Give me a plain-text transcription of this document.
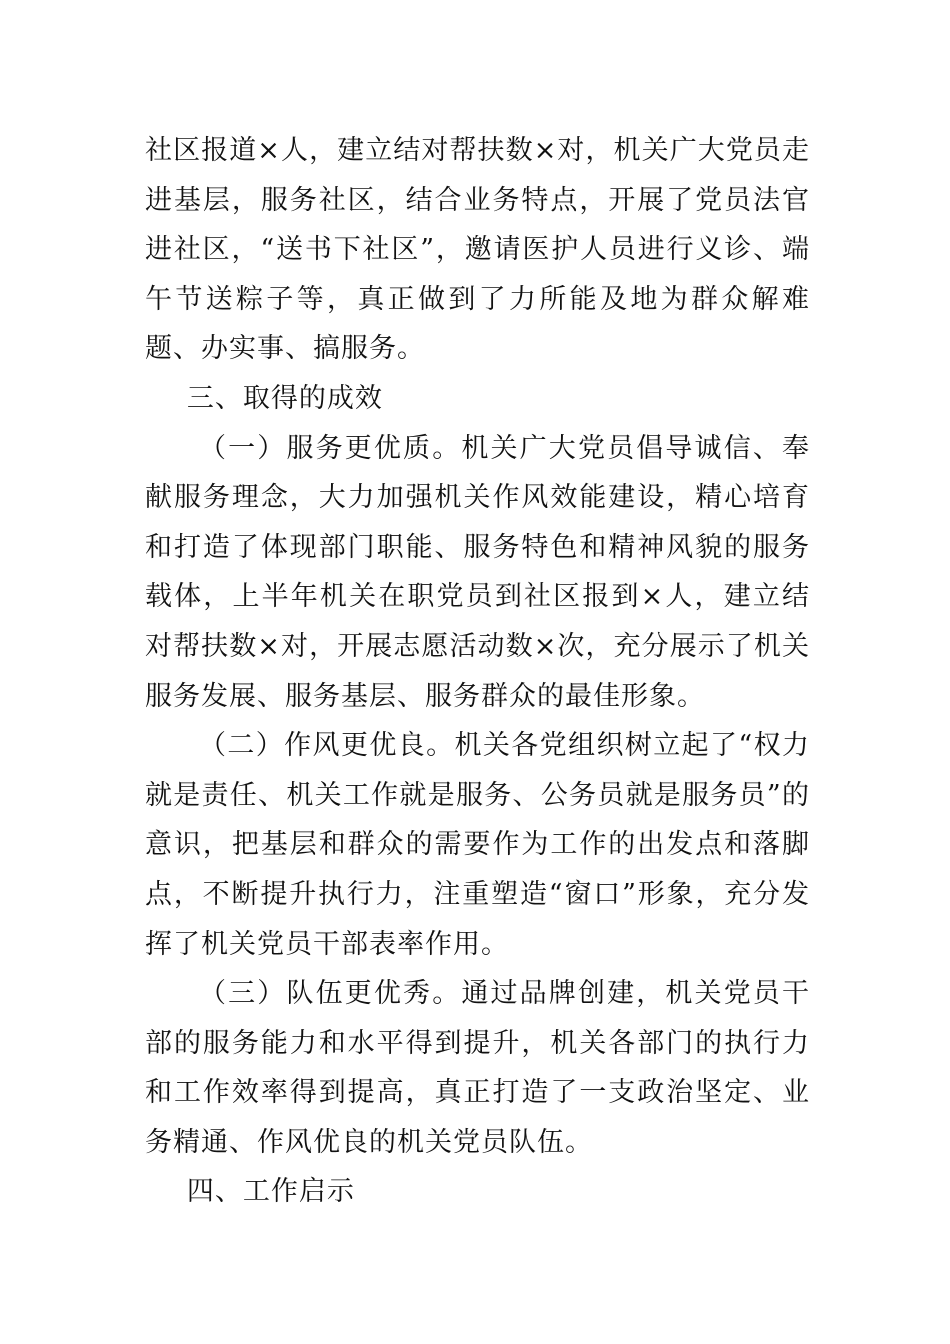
社区报道×人，建立结对帮扶数×对，机关广大党员走进基层，服务社区，结合业务特点，开展了党员法官进社区，“送书下社区”，邀请医护人员进行义诊、端午节送粽子等，真正做到了力所能及地为群众解难题、办实事、搞服务。

三、取得的成效

（一）服务更优质。机关广大党员倡导诚信、奉献服务理念，大力加强机关作风效能建设，精心培育和打造了体现部门职能、服务特色和精神风貌的服务载体，上半年机关在职党员到社区报到×人，建立结对帮扶数×对，开展志愿活动数×次，充分展示了机关服务发展、服务基层、服务群众的最佳形象。

（二）作风更优良。机关各党组织树立起了“权力就是责任、机关工作就是服务、公务员就是服务员”的意识，把基层和群众的需要作为工作的出发点和落脚点，不断提升执行力，注重塑造“窗口”形象，充分发挥了机关党员干部表率作用。

（三）队伍更优秀。通过品牌创建，机关党员干部的服务能力和水平得到提升，机关各部门的执行力和工作效率得到提高，真正打造了一支政治坚定、业务精通、作风优良的机关党员队伍。

四、工作启示
